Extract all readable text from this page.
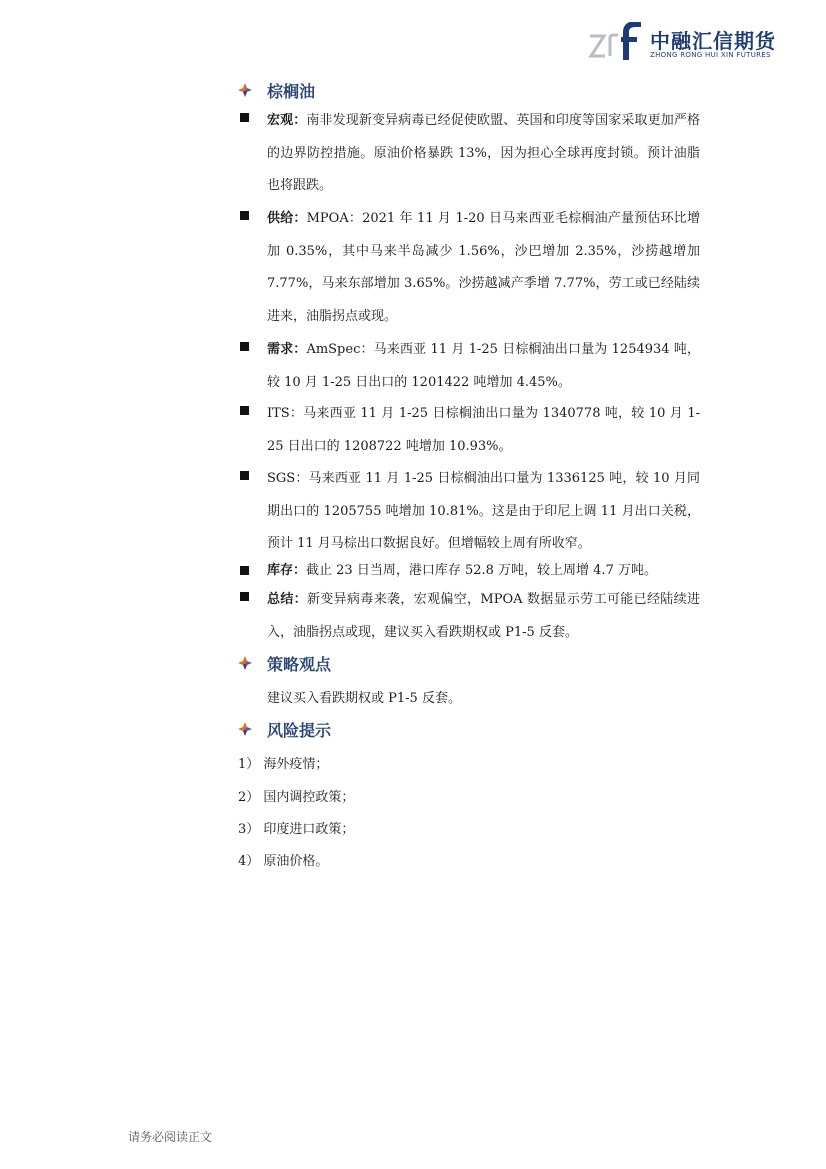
中融汇信期货
ZHONG RONG HUI XIN FUTURES
棕榈油
宏观：南非发现新变异病毒已经促使欧盟、英国和印度等国家采取更加严格的边界防控措施。原油价格暴跌 13%，因为担心全球再度封锁。预计油脂也将跟跌。
供给：MPOA：2021 年 11 月 1-20 日马来西亚毛棕榈油产量预估环比增加 0.35%，其中马来半岛减少 1.56%，沙巴增加 2.35%，沙捞越增加 7.77%，马来东部增加 3.65%。沙捞越减产季增 7.77%，劳工或已经陆续进来，油脂拐点或现。
需求：AmSpec：马来西亚 11 月 1-25 日棕榈油出口量为 1254934 吨，较 10 月 1-25 日出口的 1201422 吨增加 4.45%。
ITS：马来西亚 11 月 1-25 日棕榈油出口量为 1340778 吨，较 10 月 1-25 日出口的 1208722 吨增加 10.93%。
SGS：马来西亚 11 月 1-25 日棕榈油出口量为 1336125 吨，较 10 月同期出口的 1205755 吨增加 10.81%。这是由于印尼上调 11 月出口关税，预计 11 月马棕出口数据良好。但增幅较上周有所收窄。
库存：截止 23 日当周，港口库存 52.8 万吨，较上周增 4.7 万吨。
总结：新变异病毒来袭，宏观偏空，MPOA 数据显示劳工可能已经陆续进入，油脂拐点或现，建议买入看跌期权或 P1-5 反套。
策略观点
建议买入看跌期权或 P1-5 反套。
风险提示
1） 海外疫情；
2） 国内调控政策；
3） 印度进口政策；
4） 原油价格。
请务必阅读正文
